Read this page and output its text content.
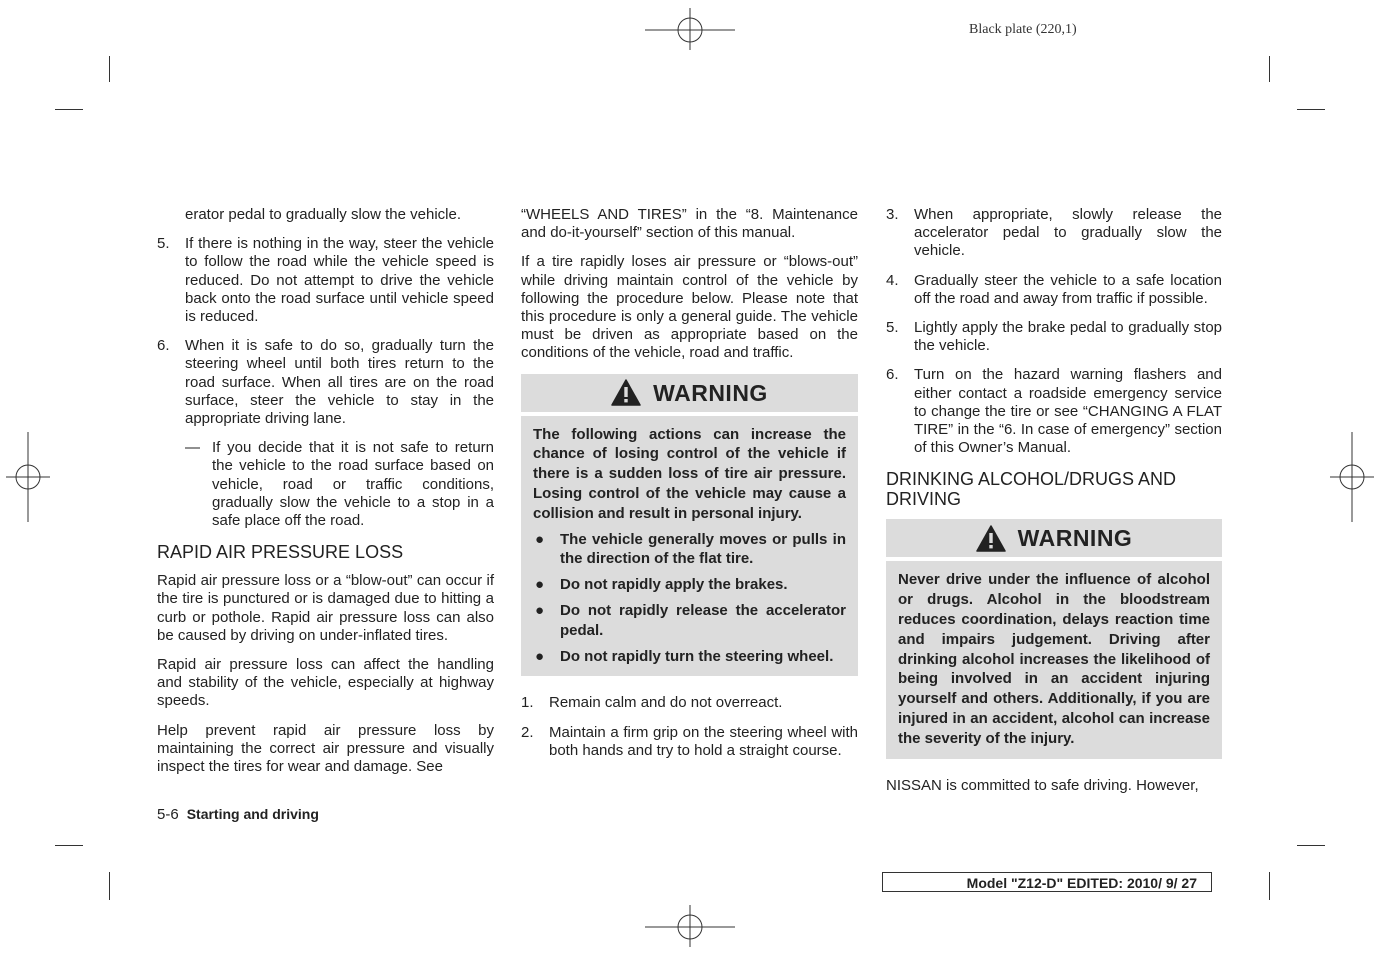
Black plate (220,1)

erator pedal to gradually slow the vehicle.

5. If there is nothing in the way, steer the vehicle to follow the road while the vehicle speed is reduced. Do not attempt to drive the vehicle back onto the road surface until vehicle speed is reduced.
6. When it is safe to do so, gradually turn the steering wheel until both tires return to the road surface. When all tires are on the road surface, steer the vehicle to stay in the appropriate driving lane.
— If you decide that it is not safe to return the vehicle to the road surface based on vehicle, road or traffic conditions, gradually slow the vehicle to a stop in a safe place off the road.
RAPID AIR PRESSURE LOSS

Rapid air pressure loss or a “blow-out” can occur if the tire is punctured or is damaged due to hitting a curb or pothole. Rapid air pressure loss can also be caused by driving on under-inflated tires.

Rapid air pressure loss can affect the handling and stability of the vehicle, especially at highway speeds.

Help prevent rapid air pressure loss by maintaining the correct air pressure and visually inspect the tires for wear and damage. See

“WHEELS AND TIRES” in the “8. Maintenance and do-it-yourself” section of this manual.

If a tire rapidly loses air pressure or “blows-out” while driving maintain control of the vehicle by following the procedure below. Please note that this procedure is only a general guide. The vehicle must be driven as appropriate based on the conditions of the vehicle, road and traffic.

WARNING

The following actions can increase the chance of losing control of the vehicle if there is a sudden loss of tire air pressure. Losing control of the vehicle may cause a collision and result in personal injury.

● The vehicle generally moves or pulls in the direction of the flat tire.
● Do not rapidly apply the brakes.
● Do not rapidly release the accelerator pedal.
● Do not rapidly turn the steering wheel.
1. Remain calm and do not overreact.
2. Maintain a firm grip on the steering wheel with both hands and try to hold a straight course.
3. When appropriate, slowly release the accelerator pedal to gradually slow the vehicle.
4. Gradually steer the vehicle to a safe location off the road and away from traffic if possible.
5. Lightly apply the brake pedal to gradually stop the vehicle.
6. Turn on the hazard warning flashers and either contact a roadside emergency service to change the tire or see “CHANGING A FLAT TIRE” in the “6. In case of emergency” section of this Owner’s Manual.
DRINKING ALCOHOL/DRUGS AND DRIVING
WARNING

Never drive under the influence of alcohol or drugs. Alcohol in the bloodstream reduces coordination, delays reaction time and impairs judgement. Driving after drinking alcohol increases the likelihood of being involved in an accident injuring yourself and others. Additionally, if you are injured in an accident, alcohol can increase the severity of the injury.

NISSAN is committed to safe driving. However,

5-6 Starting and driving
Model "Z12-D" EDITED: 2010/ 9/ 27
